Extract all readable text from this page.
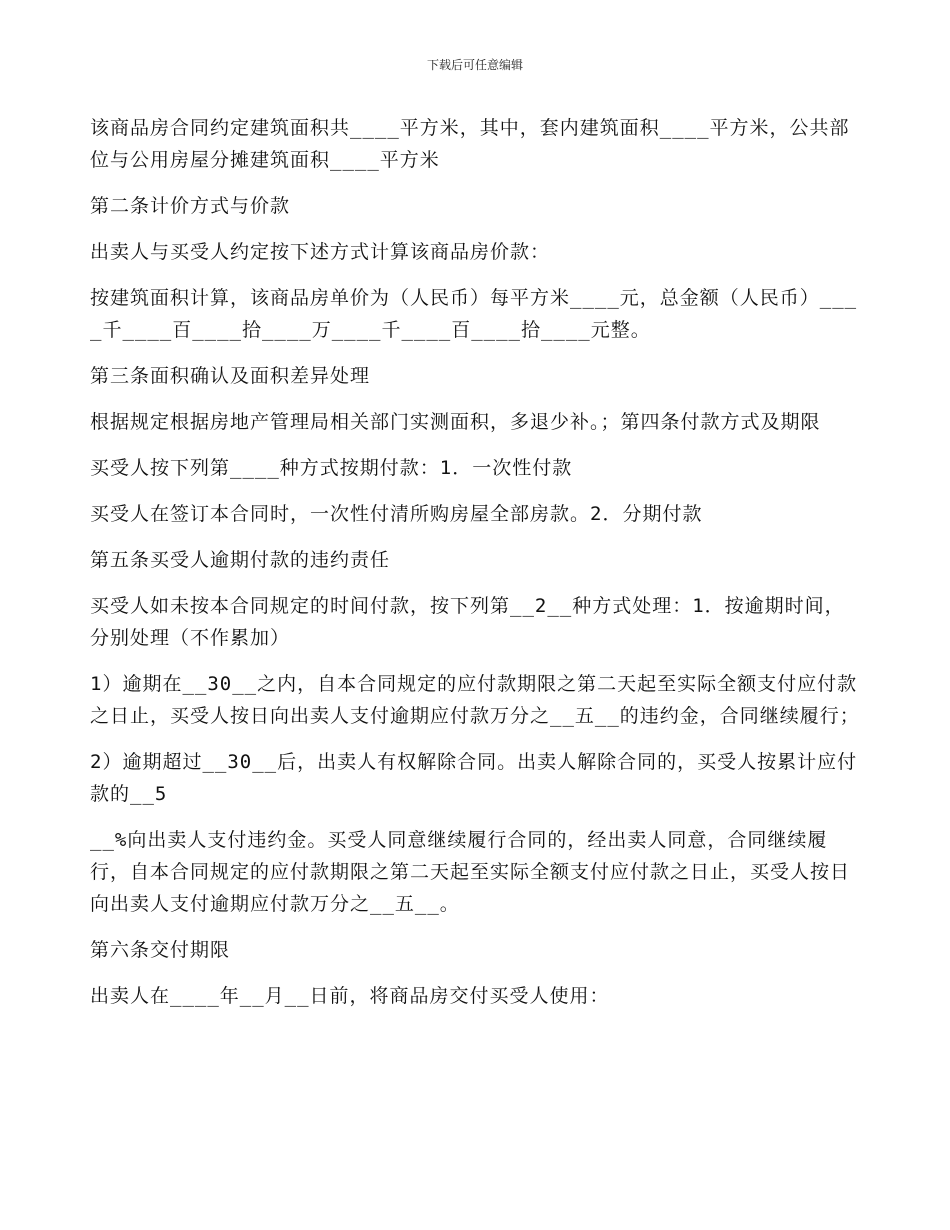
下载后可任意编辑

该商品房合同约定建筑面积共____平方米，其中，套内建筑面积____平方米，公共部位与公用房屋分摊建筑面积____平方米

第二条计价方式与价款

出卖人与买受人约定按下述方式计算该商品房价款：

按建筑面积计算，该商品房单价为（人民币）每平方米____元，总金额（人民币）____千____百____拾____万____千____百____拾____元整。

第三条面积确认及面积差异处理

根据规定根据房地产管理局相关部门实测面积，多退少补。；第四条付款方式及期限

买受人按下列第____种方式按期付款：1．一次性付款

买受人在签订本合同时，一次性付清所购房屋全部房款。2．分期付款

第五条买受人逾期付款的违约责任

买受人如未按本合同规定的时间付款，按下列第__2__种方式处理：1．按逾期时间，分别处理（不作累加）

1）逾期在__30__之内，自本合同规定的应付款期限之第二天起至实际全额支付应付款之日止，买受人按日向出卖人支付逾期应付款万分之__五__的违约金，合同继续履行；

2）逾期超过__30__后，出卖人有权解除合同。出卖人解除合同的，买受人按累计应付款的__5

__%向出卖人支付违约金。买受人同意继续履行合同的，经出卖人同意，合同继续履行，自本合同规定的应付款期限之第二天起至实际全额支付应付款之日止，买受人按日向出卖人支付逾期应付款万分之__五__。

第六条交付期限

出卖人在____年__月__日前，将商品房交付买受人使用：
